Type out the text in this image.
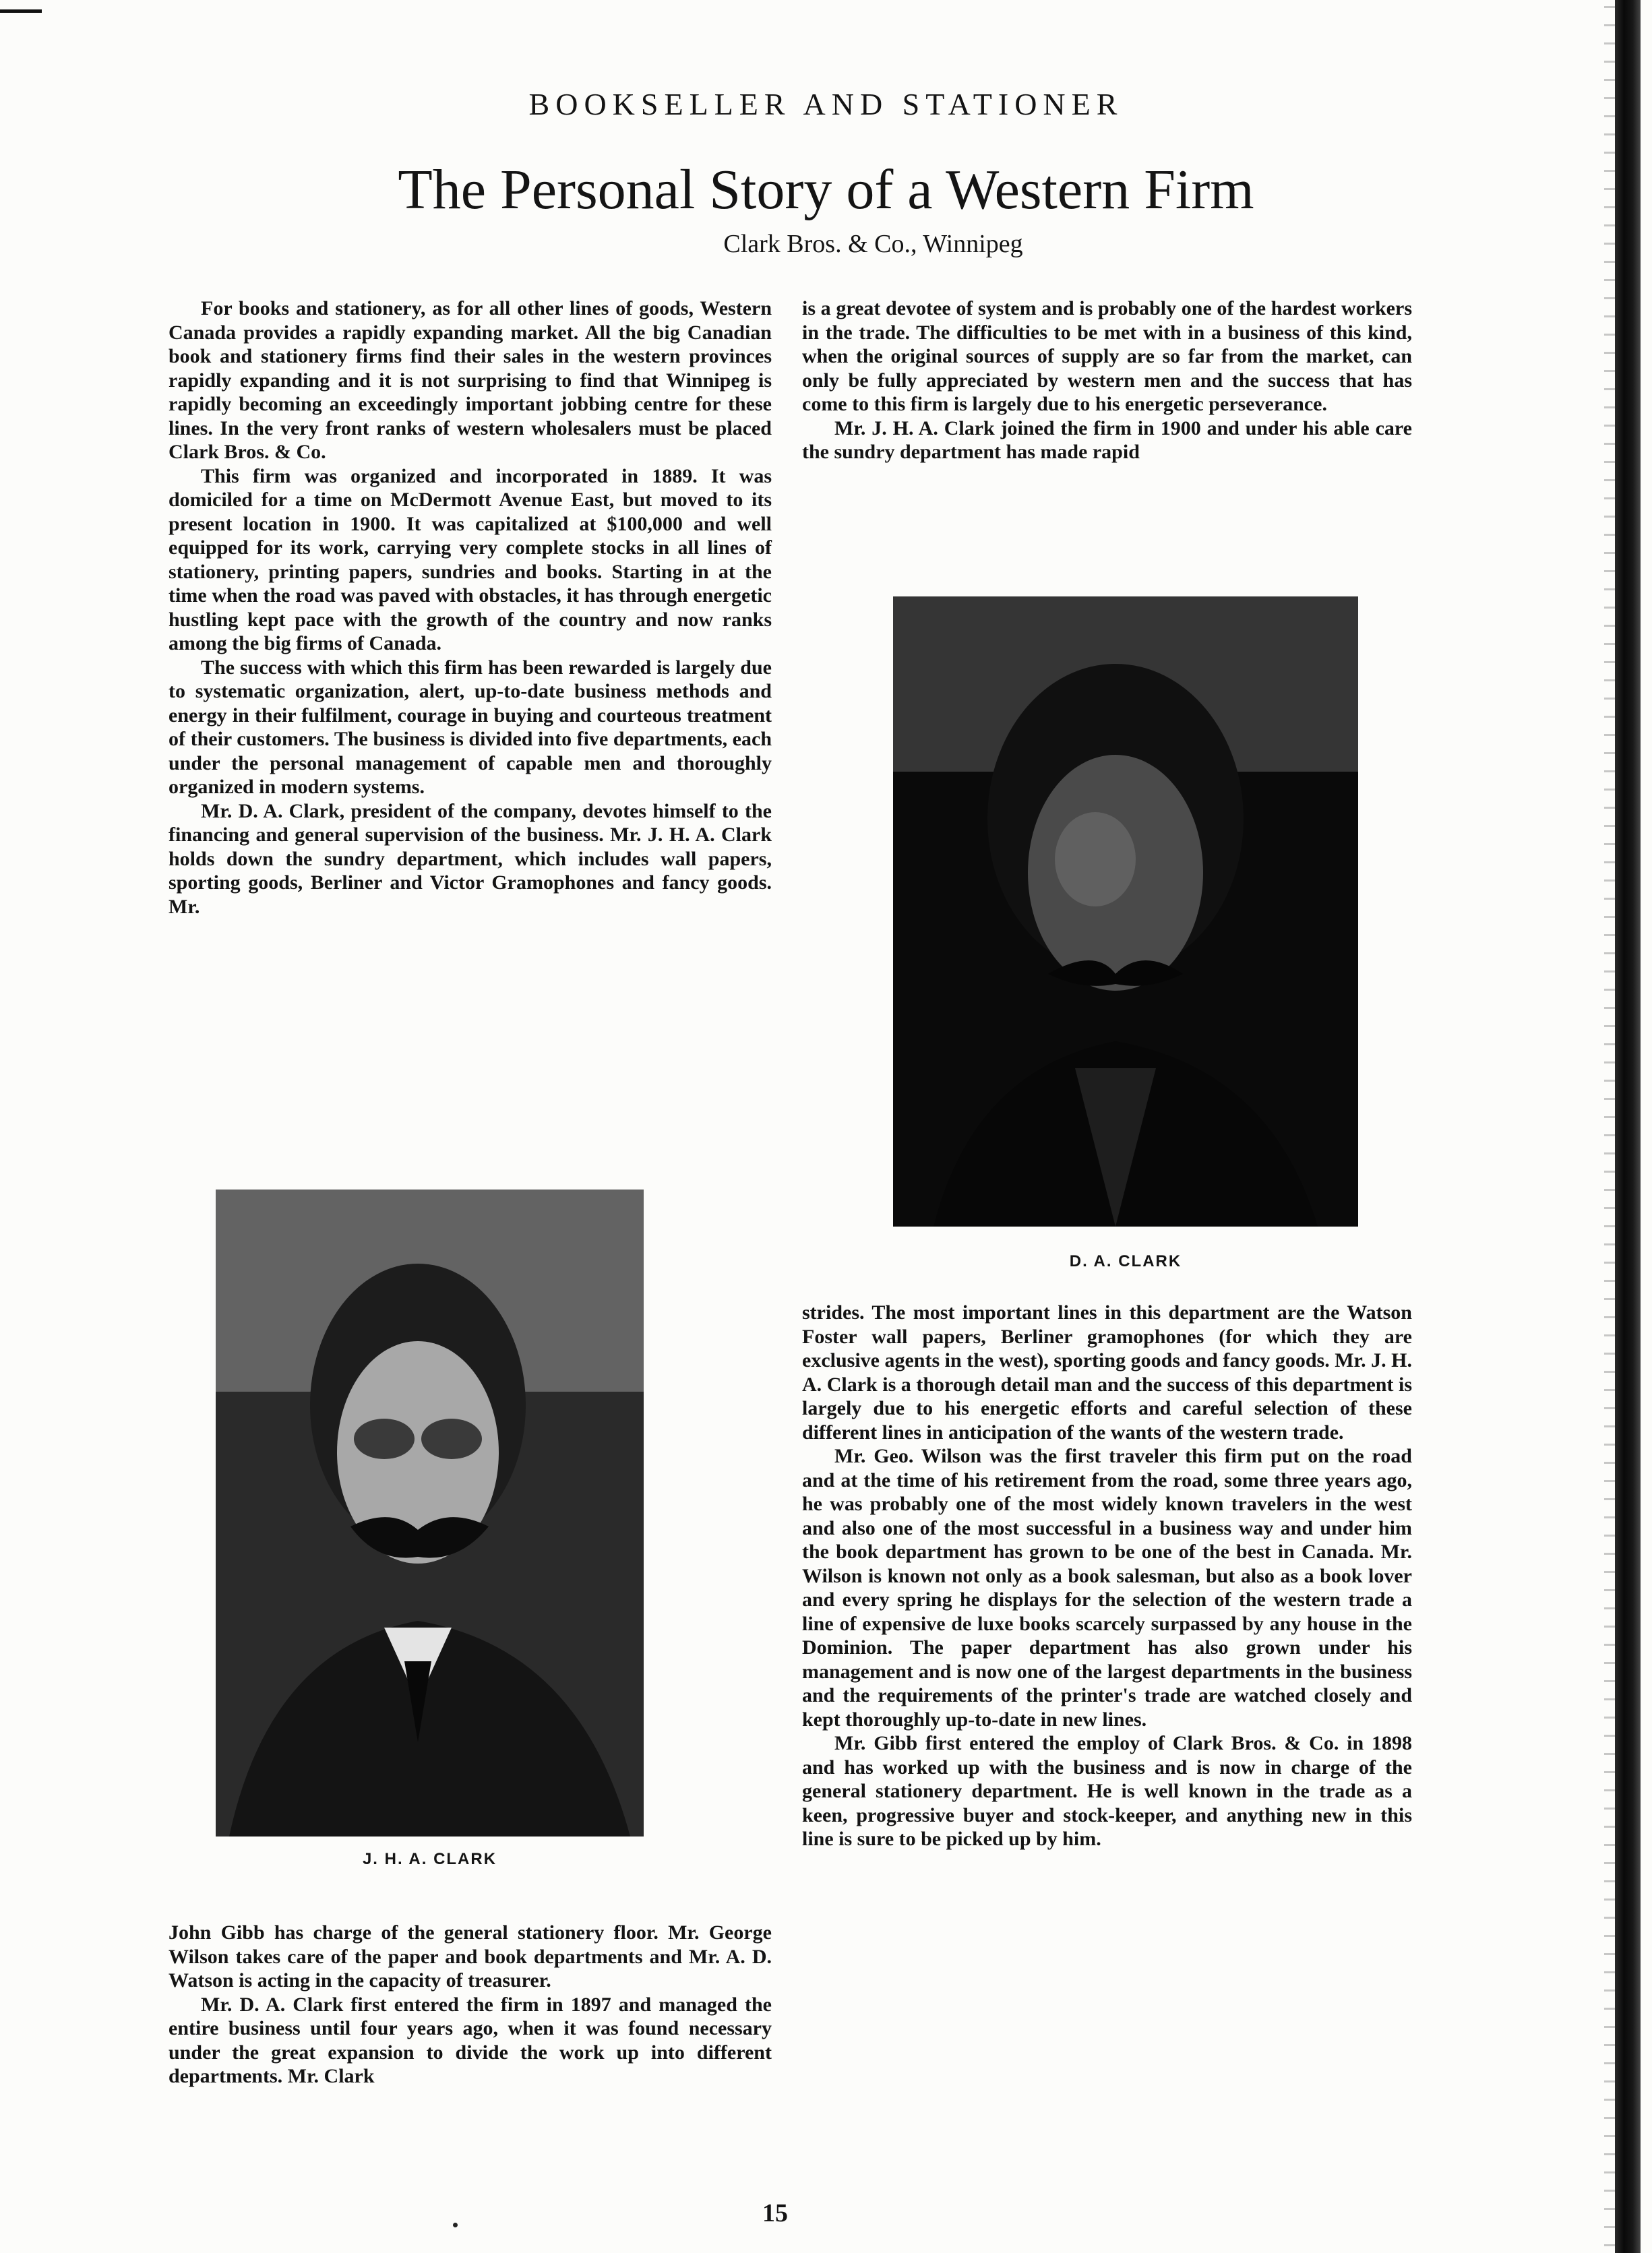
BOOKSELLER AND STATIONER
The Personal Story of a Western Firm
Clark Bros. & Co., Winnipeg

For books and stationery, as for all other lines of goods, Western Canada provides a rapidly expanding market. All the big Canadian book and stationery firms find their sales in the western provinces rapidly expanding and it is not surprising to find that Winnipeg is rapidly becoming an exceedingly important jobbing centre for these lines. In the very front ranks of western wholesalers must be placed Clark Bros. & Co.

This firm was organized and incorporated in 1889. It was domiciled for a time on McDermott Avenue East, but moved to its present location in 1900. It was capitalized at $100,000 and well equipped for its work, carrying very complete stocks in all lines of stationery, printing papers, sundries and books. Starting in at the time when the road was paved with obstacles, it has through energetic hustling kept pace with the growth of the country and now ranks among the big firms of Canada.

The success with which this firm has been rewarded is largely due to systematic organization, alert, up-to-date business methods and energy in their fulfilment, courage in buying and courteous treatment of their customers. The business is divided into five departments, each under the personal management of capable men and thoroughly organized in modern systems.

Mr. D. A. Clark, president of the company, devotes himself to the financing and general supervision of the business. Mr. J. H. A. Clark holds down the sundry department, which includes wall papers, sporting goods, Berliner and Victor Gramophones and fancy goods. Mr.

is a great devotee of system and is probably one of the hardest workers in the trade. The difficulties to be met with in a business of this kind, when the original sources of supply are so far from the market, can only be fully appreciated by western men and the success that has come to this firm is largely due to his energetic perseverance.

Mr. J. H. A. Clark joined the firm in 1900 and under his able care the sundry department has made rapid

D. A. CLARK

strides. The most important lines in this department are the Watson Foster wall papers, Berliner gramophones (for which they are exclusive agents in the west), sporting goods and fancy goods. Mr. J. H. A. Clark is a thorough detail man and the success of this department is largely due to his energetic efforts and careful selection of these different lines in anticipation of the wants of the western trade.

Mr. Geo. Wilson was the first traveler this firm put on the road and at the time of his retirement from the road, some three years ago, he was probably one of the most widely known travelers in the west and also one of the most successful in a business way and under him the book department has grown to be one of the best in Canada. Mr. Wilson is known not only as a book salesman, but also as a book lover and every spring he displays for the selection of the western trade a line of expensive de luxe books scarcely surpassed by any house in the Dominion. The paper department has also grown under his management and is now one of the largest departments in the business and the requirements of the printer's trade are watched closely and kept thoroughly up-to-date in new lines.

Mr. Gibb first entered the employ of Clark Bros. & Co. in 1898 and has worked up with the business and is now in charge of the general stationery department. He is well known in the trade as a keen, progressive buyer and stock-keeper, and anything new in this line is sure to be picked up by him.

J. H. A. CLARK

John Gibb has charge of the general stationery floor. Mr. George Wilson takes care of the paper and book departments and Mr. A. D. Watson is acting in the capacity of treasurer.

Mr. D. A. Clark first entered the firm in 1897 and managed the entire business until four years ago, when it was found necessary under the great expansion to divide the work up into different departments. Mr. Clark

15
